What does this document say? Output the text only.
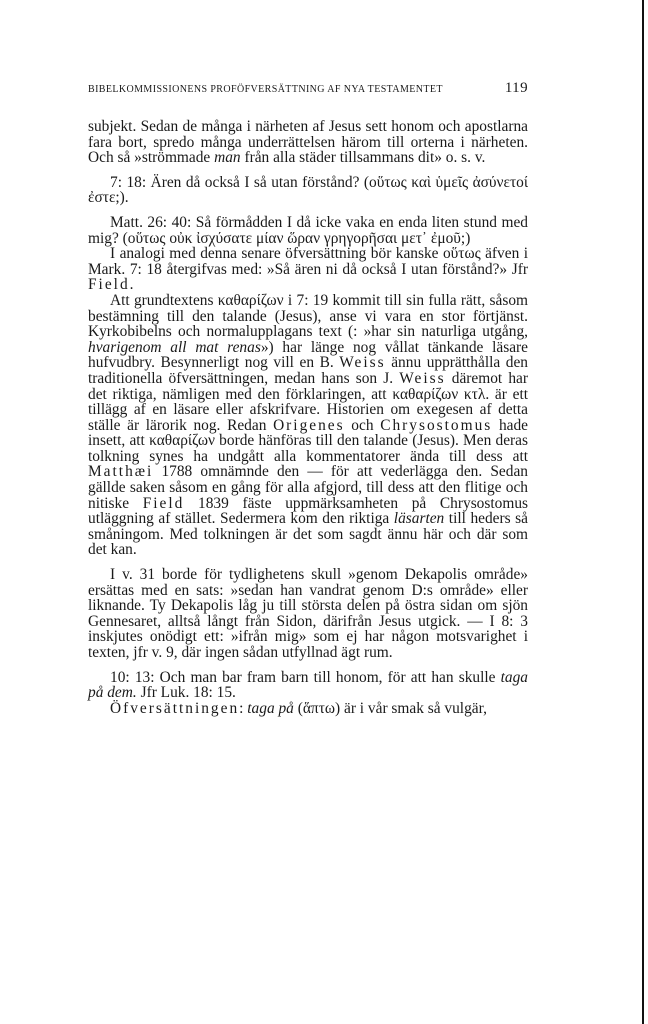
BIBELKOMMISSIONENS PROFÖFVERSÄTTNING AF NYA TESTAMENTET	119

subjekt. Sedan de många i närheten af Jesus sett honom och apostlarna fara bort, spredo många underrättelsen härom till orterna i närheten. Och så »strömmade man från alla städer tillsammans dit» o. s. v.

7: 18: Ären då också I så utan förstånd? (οὕτως καὶ ὑμεῖς ἀσύνετοί ἐστε;).

Matt. 26: 40: Så förmådden I då icke vaka en enda liten stund med mig? (οὕτως οὐκ ἰσχύσατε μίαν ὥραν γρηγορῆσαι μετ᾽ ἐμοῦ;)

I analogi med denna senare öfversättning bör kanske οὕτως äfven i Mark. 7: 18 återgifvas med: »Så ären ni då också I utan förstånd?» Jfr Field.

Att grundtextens καθαρίζων i 7: 19 kommit till sin fulla rätt, såsom bestämning till den talande (Jesus), anse vi vara en stor förtjänst. Kyrkobibelns och normalupplagans text (: »har sin naturliga utgång, hvarigenom all mat renas») har länge nog vållat tänkande läsare hufvudbry. Besynnerligt nog vill en B. Weiss ännu upprätthålla den traditionella öfversättningen, medan hans son J. Weiss däremot har det riktiga, nämligen med den förklaringen, att καθαρίζων κτλ. är ett tillägg af en läsare eller afskrifvare. Historien om exegesen af detta ställe är lärorik nog. Redan Origenes och Chrysostomus hade insett, att καθαρίζων borde hänföras till den talande (Jesus). Men deras tolkning synes ha undgått alla kommentatorer ända till dess att Matthæi 1788 omnämnde den — för att vederlägga den. Sedan gällde saken såsom en gång för alla afgjord, till dess att den flitige och nitiske Field 1839 fäste uppmärksamheten på Chrysostomus utläggning af stället. Sedermera kom den riktiga läsarten till heders så småningom. Med tolkningen är det som sagdt ännu här och där som det kan.

I v. 31 borde för tydlighetens skull »genom Dekapolis område» ersättas med en sats: »sedan han vandrat genom D:s område» eller liknande. Ty Dekapolis låg ju till största delen på östra sidan om sjön Gennesaret, alltså långt från Sidon, därifrån Jesus utgick. — I 8: 3 inskjutes onödigt ett: »ifrån mig» som ej har någon motsvarighet i texten, jfr v. 9, där ingen sådan utfyllnad ägt rum.

10: 13: Och man bar fram barn till honom, för att han skulle taga på dem. Jfr Luk. 18: 15.

Öfversättningen: taga på (ἅπτω) är i vår smak så vulgär,
